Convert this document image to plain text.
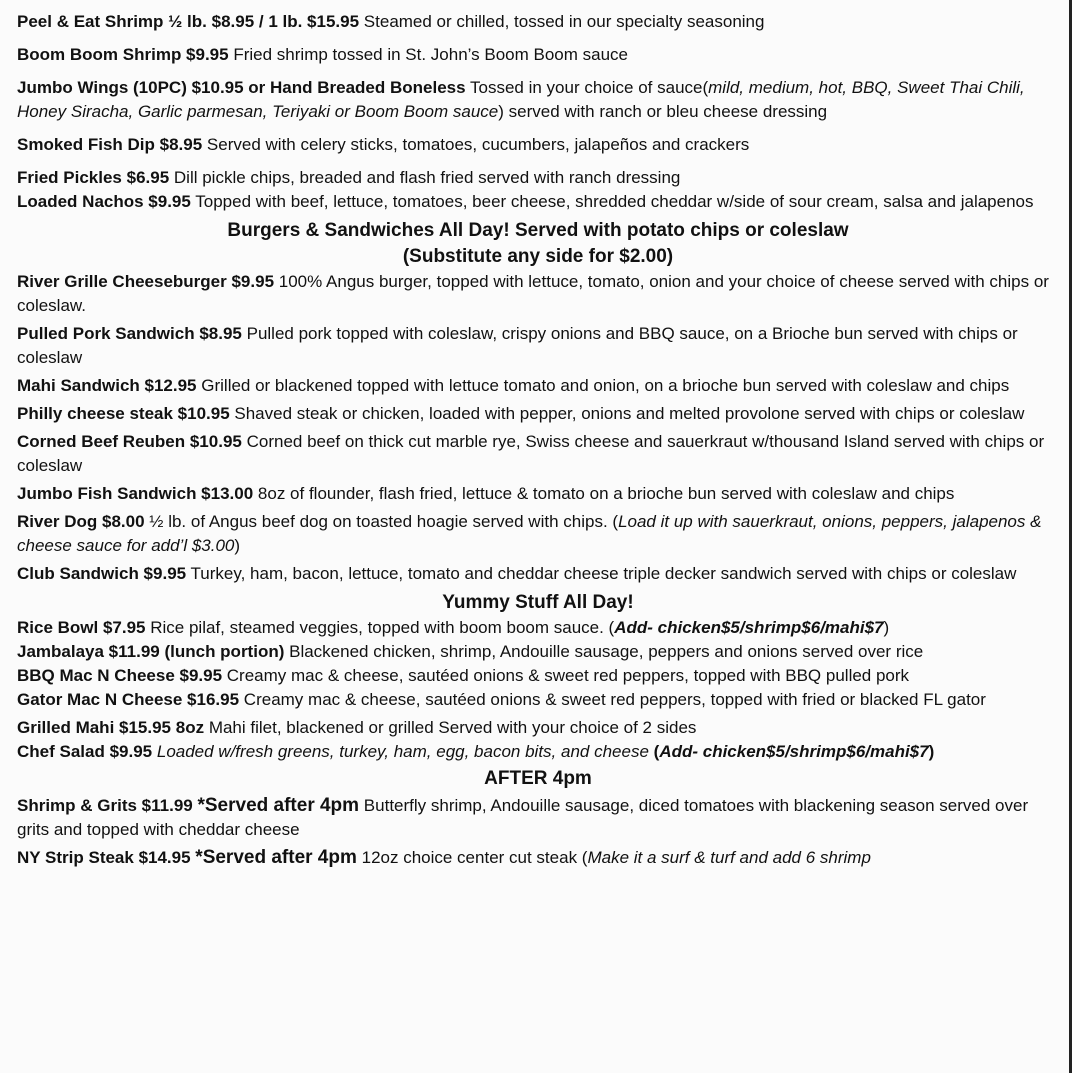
Peel & Eat Shrimp ½ lb. $8.95 / 1 lb. $15.95 Steamed or chilled, tossed in our specialty seasoning

Boom Boom Shrimp $9.95 Fried shrimp tossed in St. John’s Boom Boom sauce

Jumbo Wings (10PC) $10.95 or Hand Breaded Boneless Tossed in your choice of sauce(mild, medium, hot, BBQ, Sweet Thai Chili, Honey Siracha, Garlic parmesan, Teriyaki or Boom Boom sauce) served with ranch or bleu cheese dressing

Smoked Fish Dip $8.95 Served with celery sticks, tomatoes, cucumbers, jalapeños and crackers

Fried Pickles $6.95 Dill pickle chips, breaded and flash fried served with ranch dressing

Loaded Nachos $9.95 Topped with beef, lettuce, tomatoes, beer cheese, shredded cheddar w/side of sour cream, salsa and jalapenos

Burgers & Sandwiches All Day! Served with potato chips or coleslaw
(Substitute any side for $2.00)

River Grille Cheeseburger $9.95 100% Angus burger, topped with lettuce, tomato, onion and your choice of cheese served with chips or coleslaw.

Pulled Pork Sandwich $8.95 Pulled pork topped with coleslaw, crispy onions and BBQ sauce, on a Brioche bun served with chips or coleslaw

Mahi Sandwich $12.95 Grilled or blackened topped with lettuce tomato and onion, on a brioche bun served with coleslaw and chips

Philly cheese steak $10.95 Shaved steak or chicken, loaded with pepper, onions and melted provolone served with chips or coleslaw

Corned Beef Reuben $10.95 Corned beef on thick cut marble rye, Swiss cheese and sauerkraut w/thousand Island served with chips or coleslaw

Jumbo Fish Sandwich $13.00 8oz of flounder, flash fried, lettuce & tomato on a brioche bun served with coleslaw and chips

River Dog $8.00 ½ lb. of Angus beef dog on toasted hoagie served with chips. (Load it up with sauerkraut, onions, peppers, jalapenos & cheese sauce for add’l $3.00)

Club Sandwich $9.95 Turkey, ham, bacon, lettuce, tomato and cheddar cheese triple decker sandwich served with chips or coleslaw

Yummy Stuff All Day!

Rice Bowl $7.95 Rice pilaf, steamed veggies, topped with boom boom sauce. (Add- chicken$5/shrimp$6/mahi$7)

Jambalaya $11.99 (lunch portion) Blackened chicken, shrimp, Andouille sausage, peppers and onions served over rice

BBQ Mac N Cheese $9.95 Creamy mac & cheese, sautéed onions & sweet red peppers, topped with BBQ pulled pork

Gator Mac N Cheese $16.95 Creamy mac & cheese, sautéed onions & sweet red peppers, topped with fried or blacked FL gator

Grilled Mahi $15.95 8oz Mahi filet, blackened or grilled Served with your choice of 2 sides

Chef Salad $9.95 Loaded w/fresh greens, turkey, ham, egg, bacon bits, and cheese (Add- chicken$5/shrimp$6/mahi$7)

AFTER 4pm

Shrimp & Grits $11.99 *Served after 4pm Butterfly shrimp, Andouille sausage, diced tomatoes with blackening season served over grits and topped with cheddar cheese

NY Strip Steak $14.95 *Served after 4pm 12oz choice center cut steak (Make it a surf & turf and add 6 shrimp
